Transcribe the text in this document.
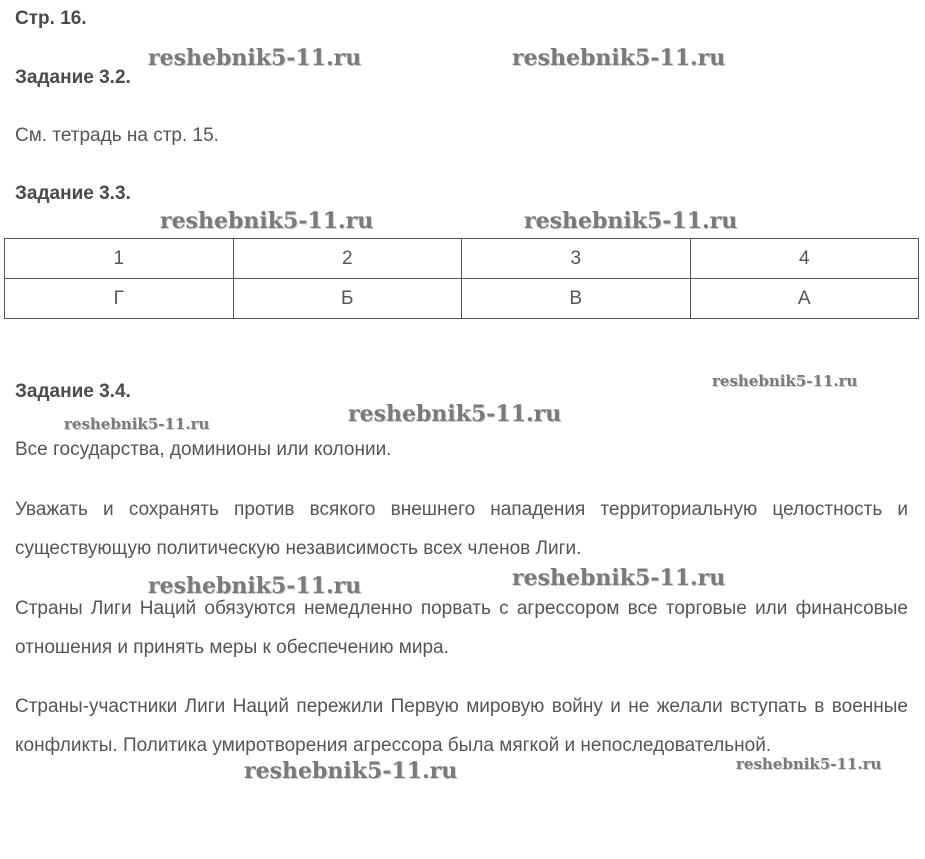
Стр. 16.
Задание 3.2.

См. тетрадь на стр. 15.

Задание 3.3.
1	2	3	4
Г	Б	В	А
Задание 3.4.

Все государства, доминионы или колонии.

Уважать и сохранять против всякого внешнего нападения территориальную целостность и существующую политическую независимость всех членов Лиги.

Страны Лиги Наций обязуются немедленно порвать с агрессором все торговые или финансовые отношения и принять меры к обеспечению мира.

Страны-участники Лиги Наций пережили Первую мировую войну и не желали вступать в военные конфликты. Политика умиротворения агрессора была мягкой и непоследовательной.

reshebnik5-11.ru	reshebnik5-11.ru
reshebnik5-11.ru	reshebnik5-11.ru
reshebnik5-11.ru
reshebnik5-11.ru	reshebnik5-11.ru
reshebnik5-11.ru	reshebnik5-11.ru
reshebnik5-11.ru	reshebnik5-11.ru
